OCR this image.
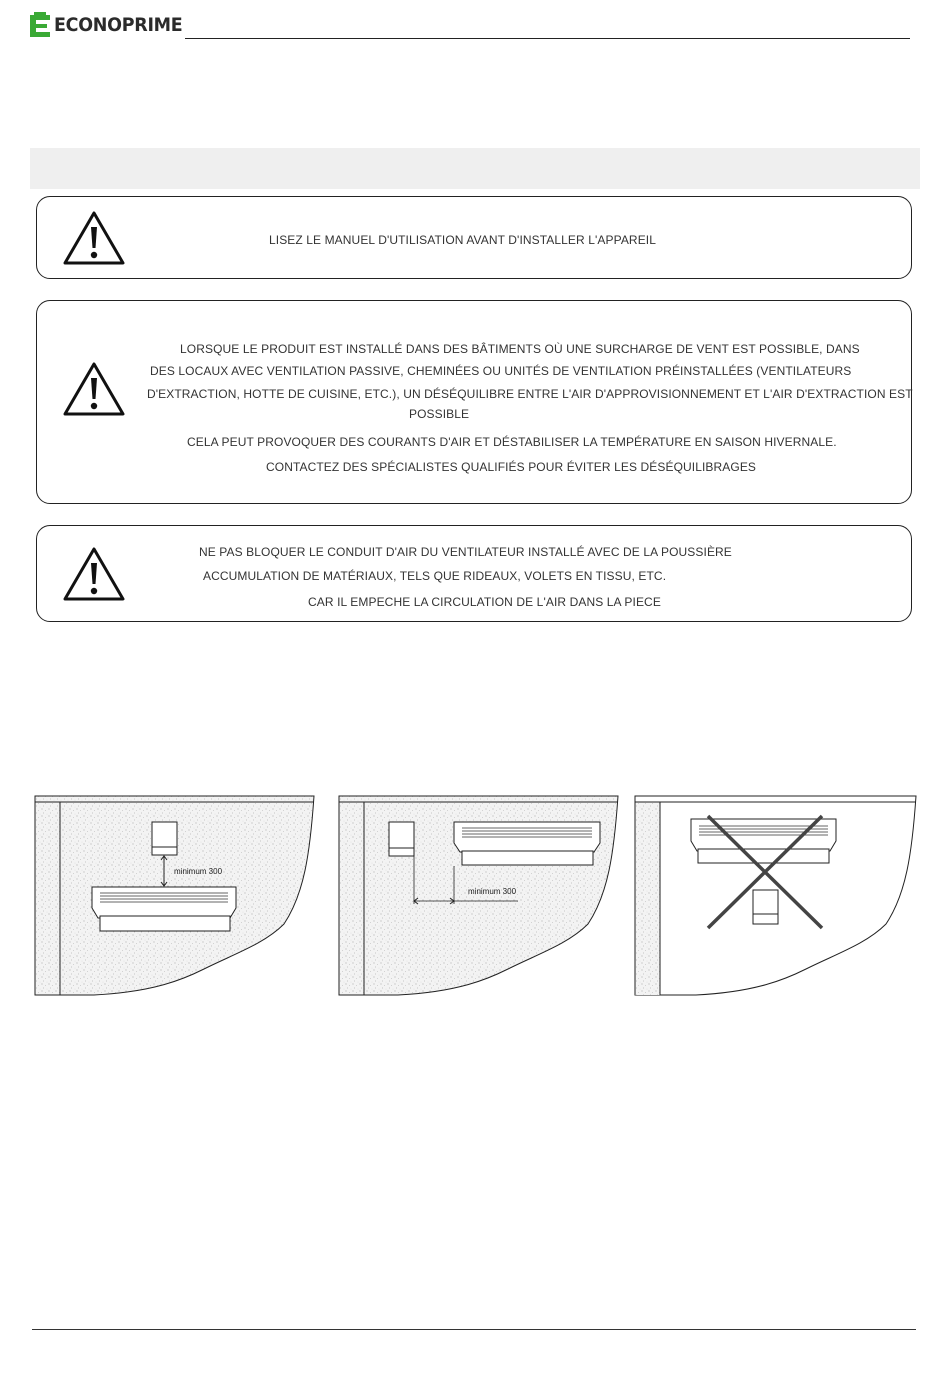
ECONOPRIME
LISEZ LE MANUEL D'UTILISATION AVANT D'INSTALLER L'APPAREIL
LORSQUE LE PRODUIT EST INSTALLÉ DANS DES BÂTIMENTS OÙ UNE SURCHARGE DE VENT EST POSSIBLE, DANS
DES LOCAUX AVEC VENTILATION PASSIVE, CHEMINÉES OU UNITÉS DE VENTILATION PRÉINSTALLÉES (VENTILATEURS
D'EXTRACTION, HOTTE DE CUISINE, ETC.), UN DÉSÉQUILIBRE ENTRE L'AIR D'APPROVISIONNEMENT ET L'AIR D'EXTRACTION EST
POSSIBLE
CELA PEUT PROVOQUER DES COURANTS D'AIR ET DÉSTABILISER LA TEMPÉRATURE EN SAISON HIVERNALE.
CONTACTEZ DES SPÉCIALISTES QUALIFIÉS POUR ÉVITER LES DÉSÉQUILIBRAGES
NE PAS BLOQUER LE CONDUIT D'AIR DU VENTILATEUR INSTALLÉ AVEC DE LA POUSSIÈRE
ACCUMULATION DE MATÉRIAUX, TELS QUE RIDEAUX, VOLETS EN TISSU, ETC.
CAR IL EMPECHE LA CIRCULATION DE L'AIR DANS LA PIECE
minimum 300
minimum 300
